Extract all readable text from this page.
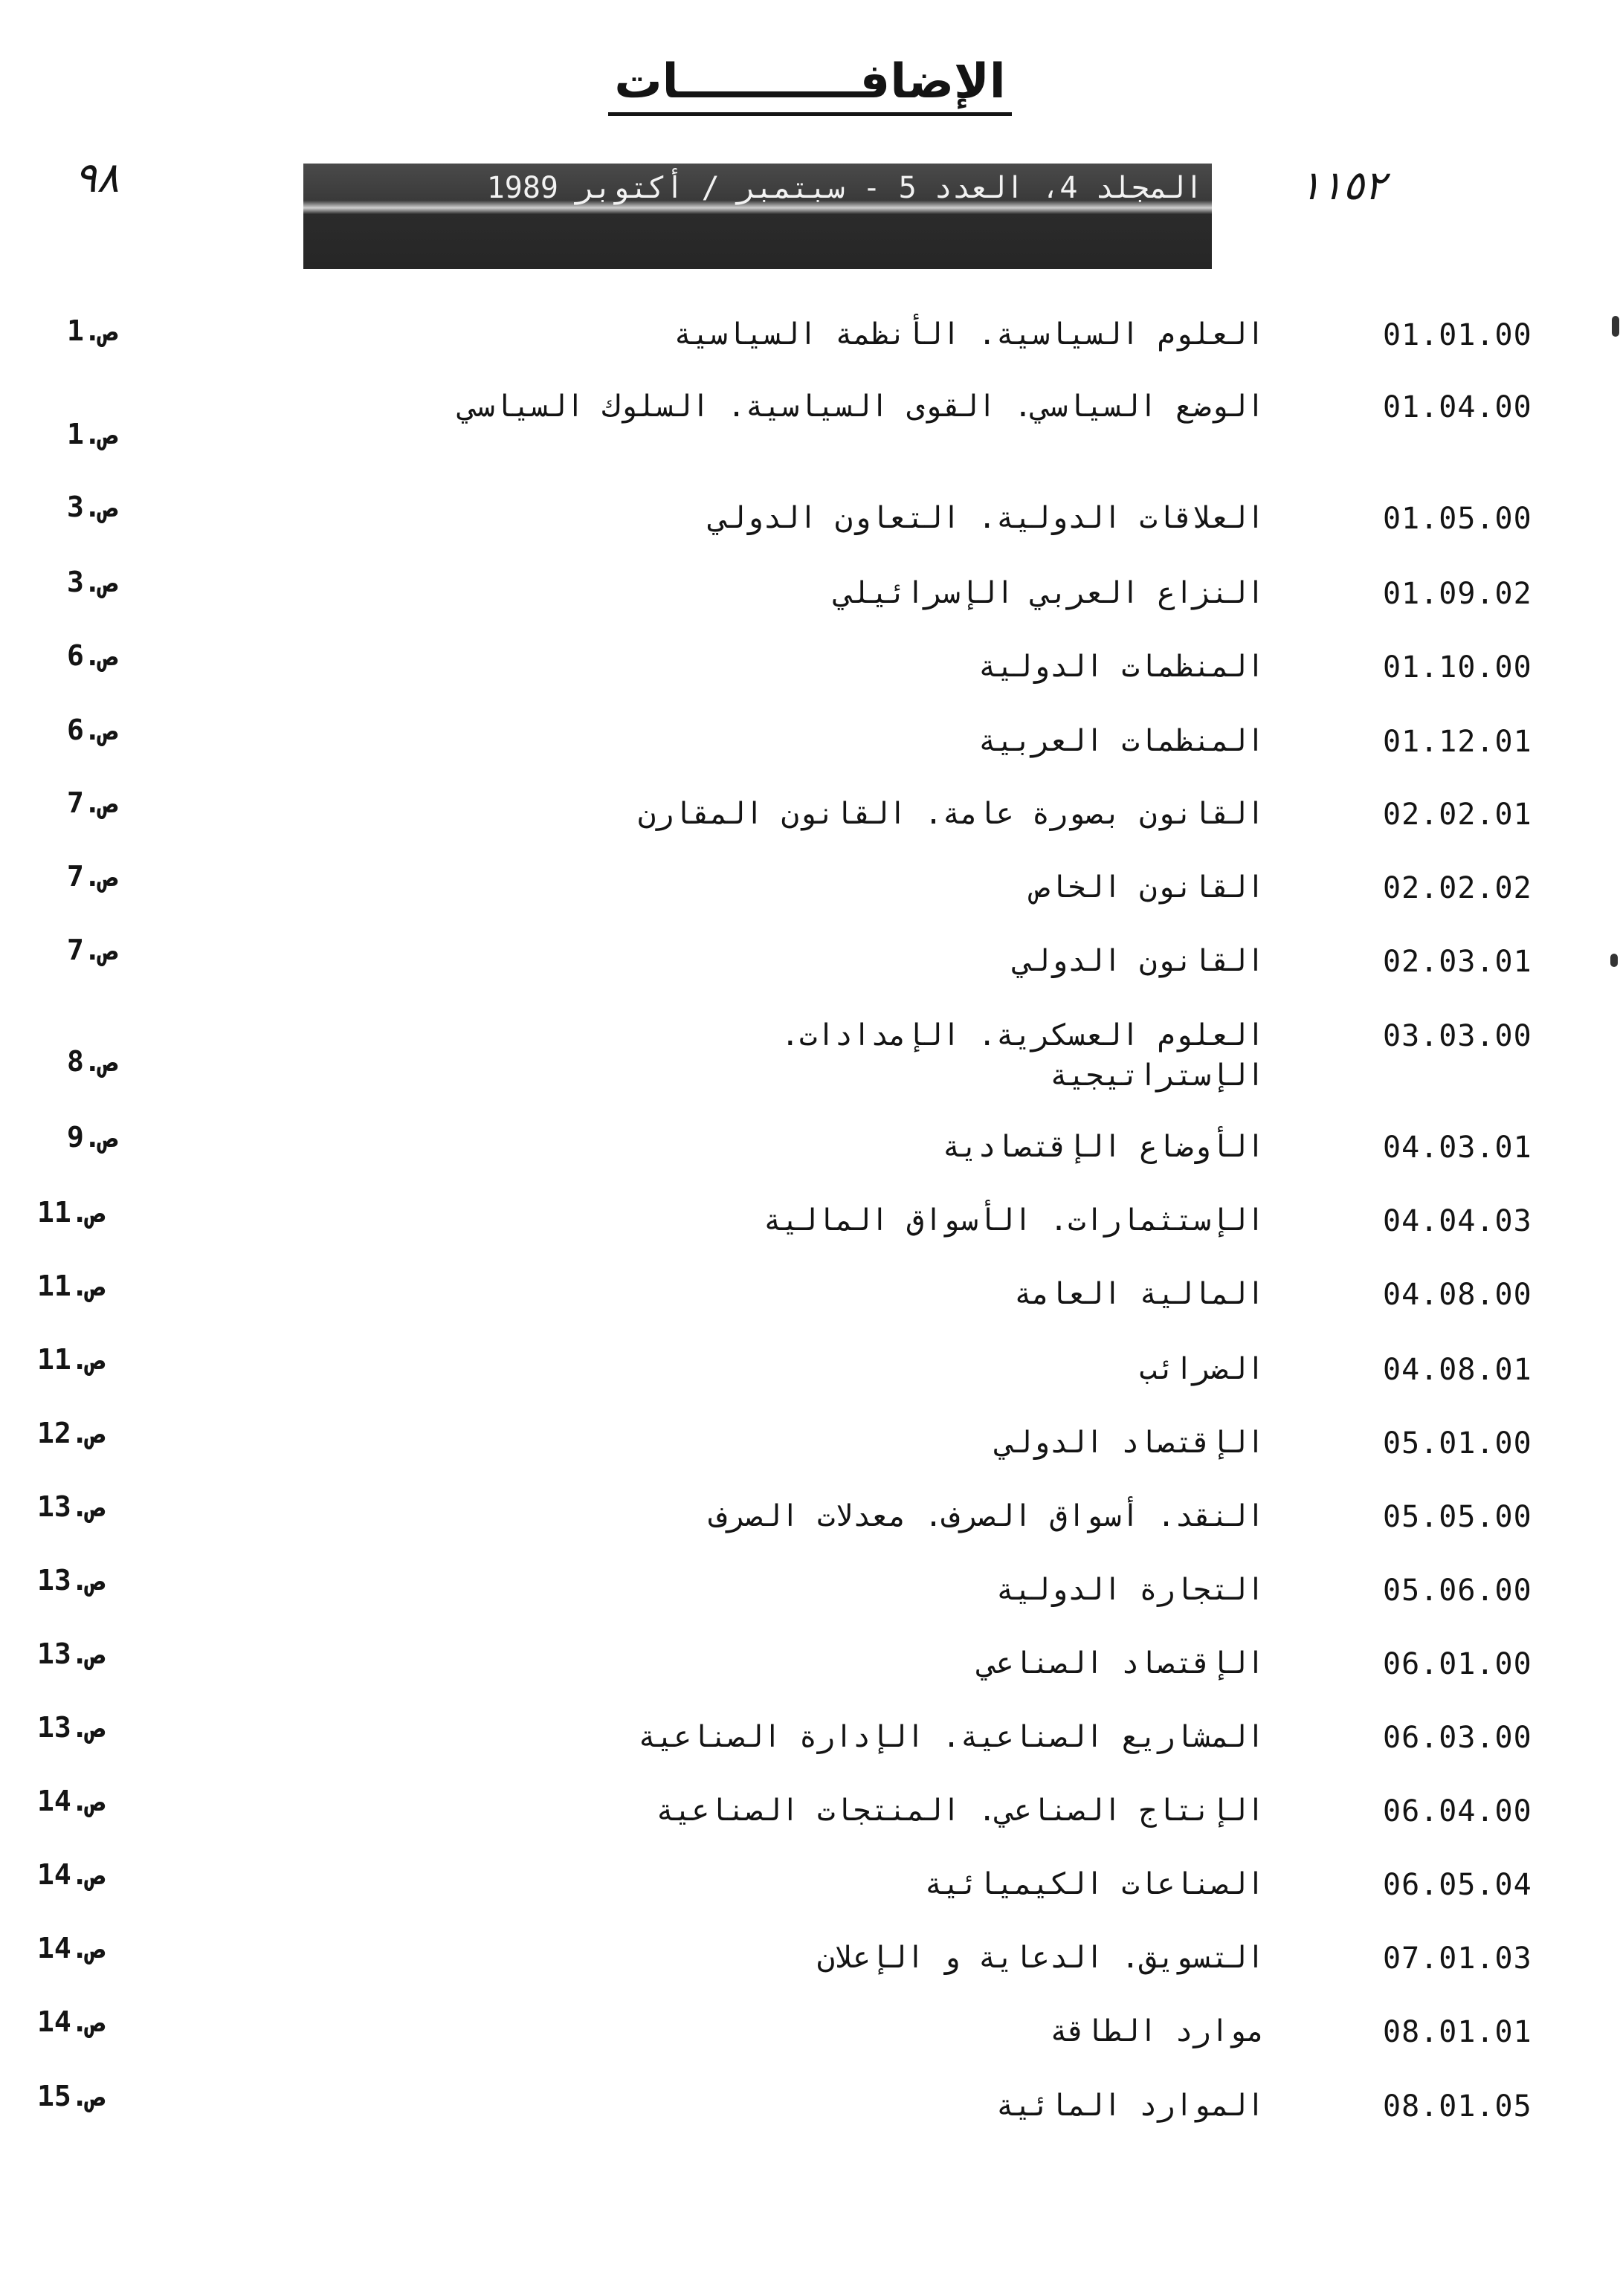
الإضافـــــــــــات
٩٨	١١٥٢
المجلد 4، العدد 5 - سبتمبر / أكتوبر 1989
01.01.00
العلوم السياسية. الأنظمة السياسية
ص.1
01.04.00
الوضع السياسي. القوى السياسية. السلوك السياسي
ص.1
01.05.00
العلاقات الدولية. التعاون الدولي
ص.3
01.09.02
النزاع العربي الإسرائيلي
ص.3
01.10.00
المنظمات الدولية
ص.6
01.12.01
المنظمات العربية
ص.6
02.02.01
القانون بصورة عامة. القانون المقارن
ص.7
02.02.02
القانون الخاص
ص.7
02.03.01
القانون الدولي
ص.7
03.03.00
العلوم العسكرية. الإمدادات. الإستراتيجية
ص.8
04.03.01
الأوضاع الإقتصادية
ص.9
04.04.03
الإستثمارات. الأسواق المالية
ص.11
04.08.00
المالية العامة
ص.11
04.08.01
الضرائب
ص.11
05.01.00
الإقتصاد الدولي
ص.12
05.05.00
النقد. أسواق الصرف. معدلات الصرف
ص.13
05.06.00
التجارة الدولية
ص.13
06.01.00
الإقتصاد الصناعي
ص.13
06.03.00
المشاريع الصناعية. الإدارة الصناعية
ص.13
06.04.00
الإنتاج الصناعي. المنتجات الصناعية
ص.14
06.05.04
الصناعات الكيميائية
ص.14
07.01.03
التسويق. الدعاية و الإعلان
ص.14
08.01.01
موارد الطاقة
ص.14
08.01.05
الموارد المائية
ص.15
